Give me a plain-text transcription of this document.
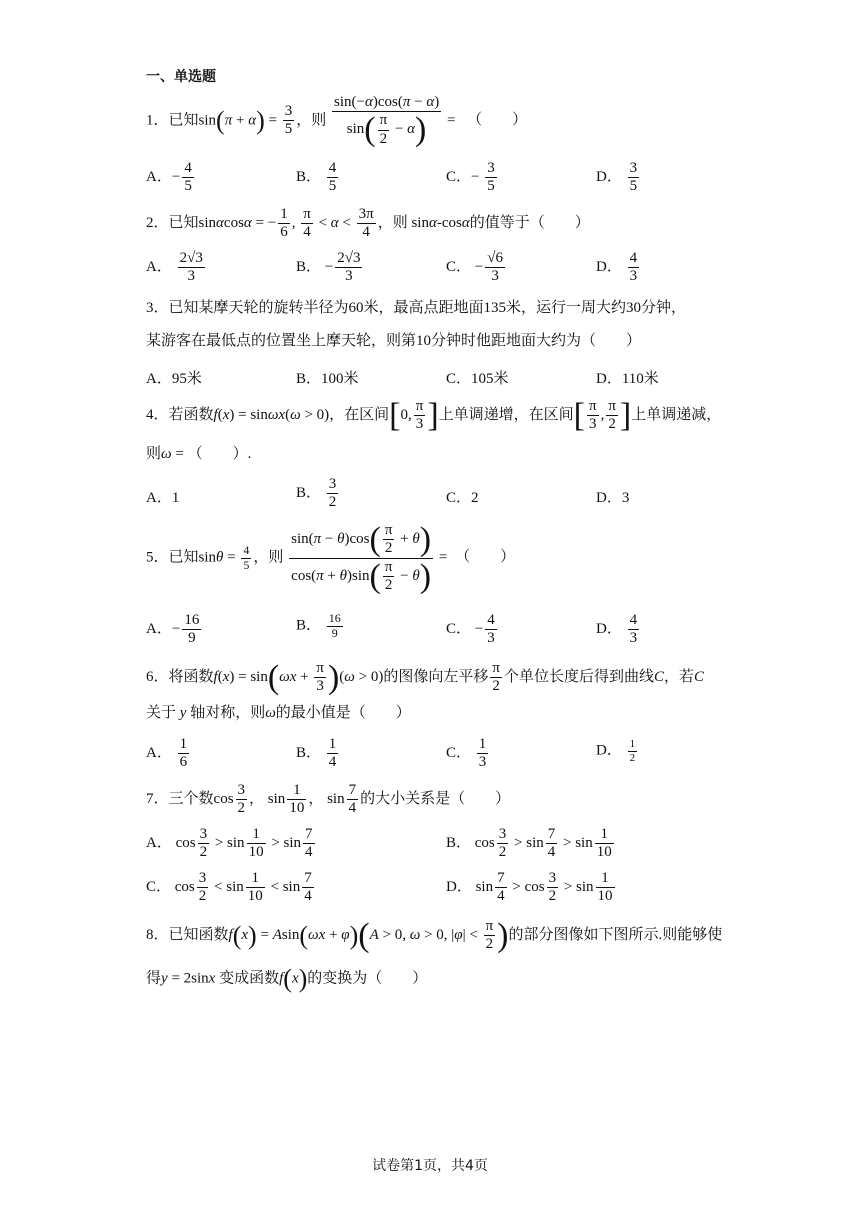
一、单选题
1．已知$\sin(\pi + \alpha) = \frac{3}{5}$ ，则 $\frac{\sin(-\alpha)\cos(\pi - \alpha)}{\sin( \frac{\pi}{2} - \alpha)}$ = （　　）
A．− $\frac{4}{5}$	B． $\frac{4}{5}$	C．− $\frac{3}{5}$	D． $\frac{3}{5}$
2．已知sinαcosα = − $\frac{1}{6}$ , $\frac{\pi}{4} < \alpha < \frac{3\pi}{4}$ ，则 sinα-cosα的值等于（　　）
A． $\frac{2√3}{3}$	B． − $\frac{2√3}{3}$	C． − $\frac{√6}{3}$	D． $\frac{4}{3}$
3．已知某摩天轮的旋转半径为60米，最高点距地面135米，运行一周大约30分钟，
某游客在最低点的位置坐上摩天轮，则第10分钟时他距地面大约为（　　）
A．95米	B．100米	C．105米	D．110米
4．若函数f(x) = sinωx(ω > 0)，在区间[0, $\frac{\pi}{3}$ ]上单调递增，在区间[ $\frac{\pi}{3}$ , $\frac{\pi}{2}$ ]上单调递减，
则ω = （　　）.
A．1	B． $\frac{3}{2}$	C．2	D．3
5．已知$\sin\theta = \frac{4}{5}$ ，则 $\frac{\sin(\pi - \theta)\cos( \frac{\pi}{2} + \theta)}{\cos(\pi + \theta)\sin( \frac{\pi}{2} - \theta)}$ = （　　）
A．− $\frac{16}{9}$	B． $\frac{16}{9}$	C． − $\frac{4}{3}$	D． $\frac{4}{3}$
6．将函数$f(x) = \sin(\omega x + \frac{\pi}{3} )(\omega > 0)$的图像向左平移 $\frac{\pi}{2}$ 个单位长度后得到曲线C，若C
关于 y 轴对称，则ω的最小值是（　　）
A． $\frac{1}{6}$	B． $\frac{1}{4}$	C． $\frac{1}{3}$	D． $\frac{1}{2}$
7．三个数$\cos \frac{3}{2}$ ， $\sin \frac{1}{10}$ ， $\sin \frac{7}{4}$ 的大小关系是（　　）
A． $\cos \frac{3}{2} > \sin \frac{1}{10} > \sin \frac{7}{4}$	B． $\cos \frac{3}{2} > \sin \frac{7}{4} > \sin \frac{1}{10}$
C． $\cos \frac{3}{2} < \sin \frac{1}{10} < \sin \frac{7}{4}$	D． $\sin \frac{7}{4} > \cos \frac{3}{2} > \sin \frac{1}{10}$
8．已知函数f(x) = Asin(ωx + φ)(A > 0, ω > 0, $|\varphi| < \frac{\pi}{2}$ )的部分图像如下图所示.则能够使
得y = 2sinx 变成函数f(x)的变换为（　　）
试卷第1页，共4页
